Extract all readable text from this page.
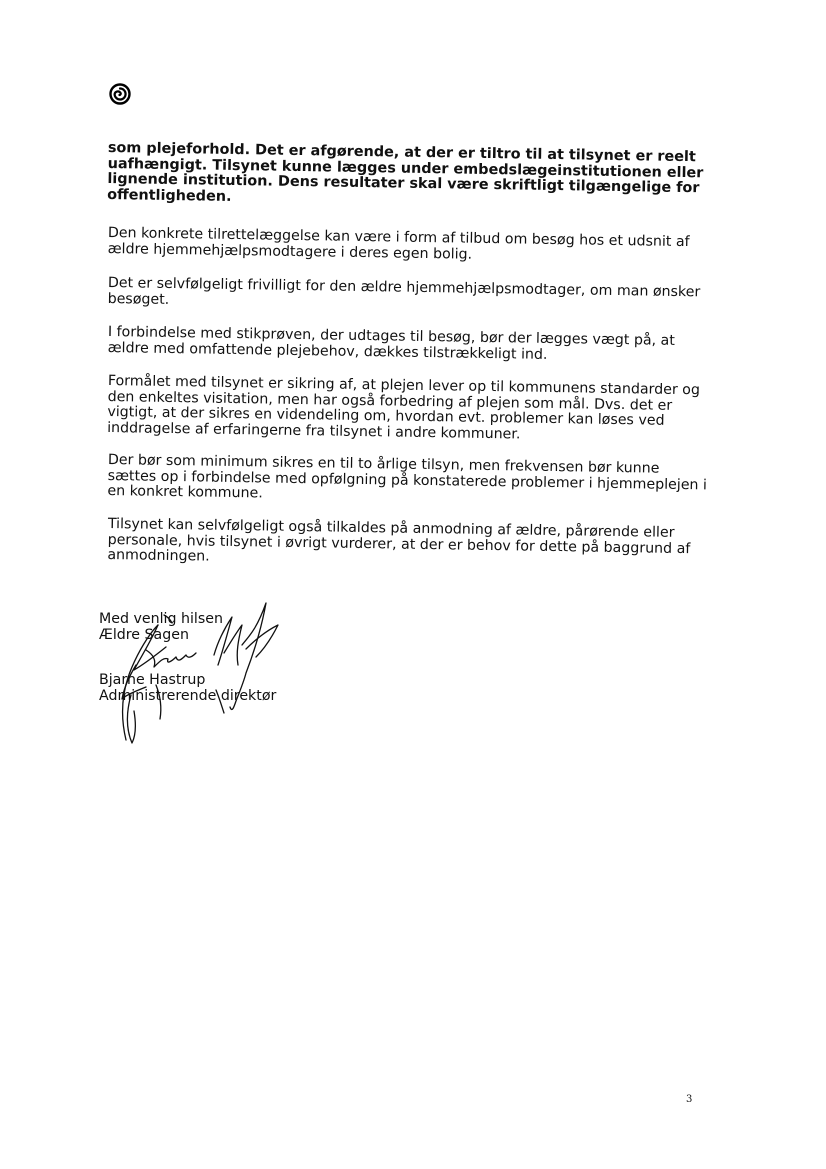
som plejeforhold. Det er afgørende, at der er tiltro til at tilsynet er reelt uafhængigt. Tilsynet kunne lægges under embedslægeinstitutionen eller lignende institution. Dens resultater skal være skriftligt tilgængelige for offentligheden.

Den konkrete tilrettelæggelse kan være i form af tilbud om besøg hos et udsnit af ældre hjemmehjælpsmodtagere i deres egen bolig.

Det er selvfølgeligt frivilligt for den ældre hjemmehjælpsmodtager, om man ønsker besøget.

I forbindelse med stikprøven, der udtages til besøg, bør der lægges vægt på, at ældre med omfattende plejebehov, dækkes tilstrækkeligt ind.

Formålet med tilsynet er sikring af, at plejen lever op til kommunens standarder og den enkeltes visitation, men har også forbedring af plejen som mål. Dvs. det er vigtigt, at der sikres en videndeling om, hvordan evt. problemer kan løses ved inddragelse af erfaringerne fra tilsynet i andre kommuner.

Der bør som minimum sikres en til to årlige tilsyn, men frekvensen bør kunne sættes op i forbindelse med opfølgning på konstaterede problemer i hjemmeplejen i en konkret kommune.

Tilsynet kan selvfølgeligt også tilkaldes på anmodning af ældre, pårørende eller personale, hvis tilsynet i øvrigt vurderer, at der er behov for dette på baggrund af anmodningen.

Med venlig hilsen
Ældre Sagen
Bjarne Hastrup
Administrerende direktør
3
